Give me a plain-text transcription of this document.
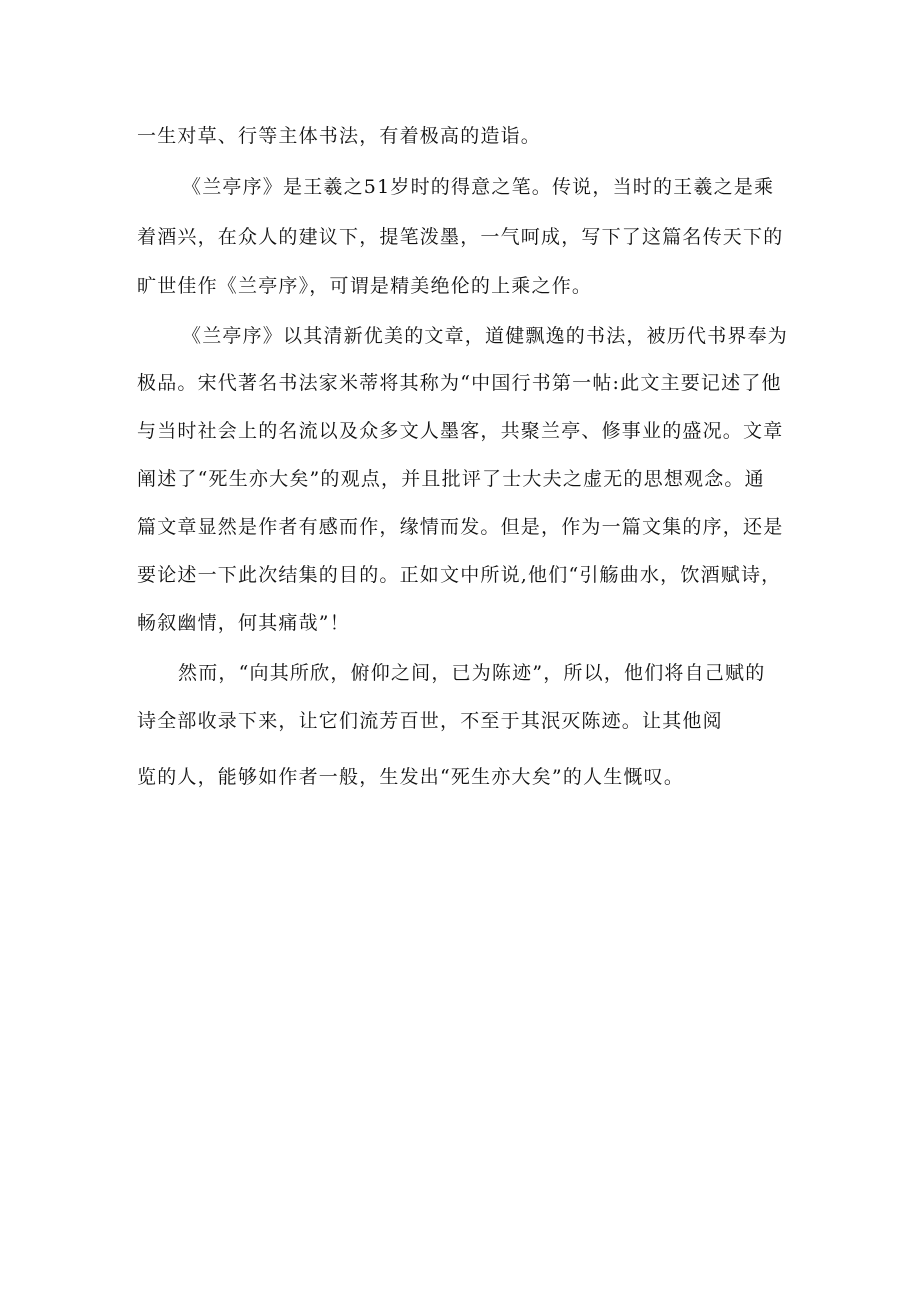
一生对草、行等主体书法，有着极高的造诣。

《兰亭序》是王羲之51岁时的得意之笔。传说，当时的王羲之是乘

着酒兴，在众人的建议下，提笔泼墨，一气呵成，写下了这篇名传天下的

旷世佳作《兰亭序》，可谓是精美绝伦的上乘之作。

《兰亭序》以其清新优美的文章，道健飘逸的书法，被历代书界奉为

极品。宋代著名书法家米蒂将其称为“中国行书第一帖:此文主要记述了他

与当时社会上的名流以及众多文人墨客，共聚兰亭、修事业的盛况。文章

阐述了“死生亦大矣”的观点，并且批评了士大夫之虚无的思想观念。通

篇文章显然是作者有感而作，缘情而发。但是，作为一篇文集的序，还是

要论述一下此次结集的目的。正如文中所说,他们“引觞曲水，饮酒赋诗，

畅叙幽情，何其痛哉”！

然而，“向其所欣，俯仰之间，已为陈迹”，所以，他们将自己赋的

诗全部收录下来，让它们流芳百世，不至于其泯灭陈迹。让其他阅

览的人，能够如作者一般，生发出“死生亦大矣”的人生慨叹。
